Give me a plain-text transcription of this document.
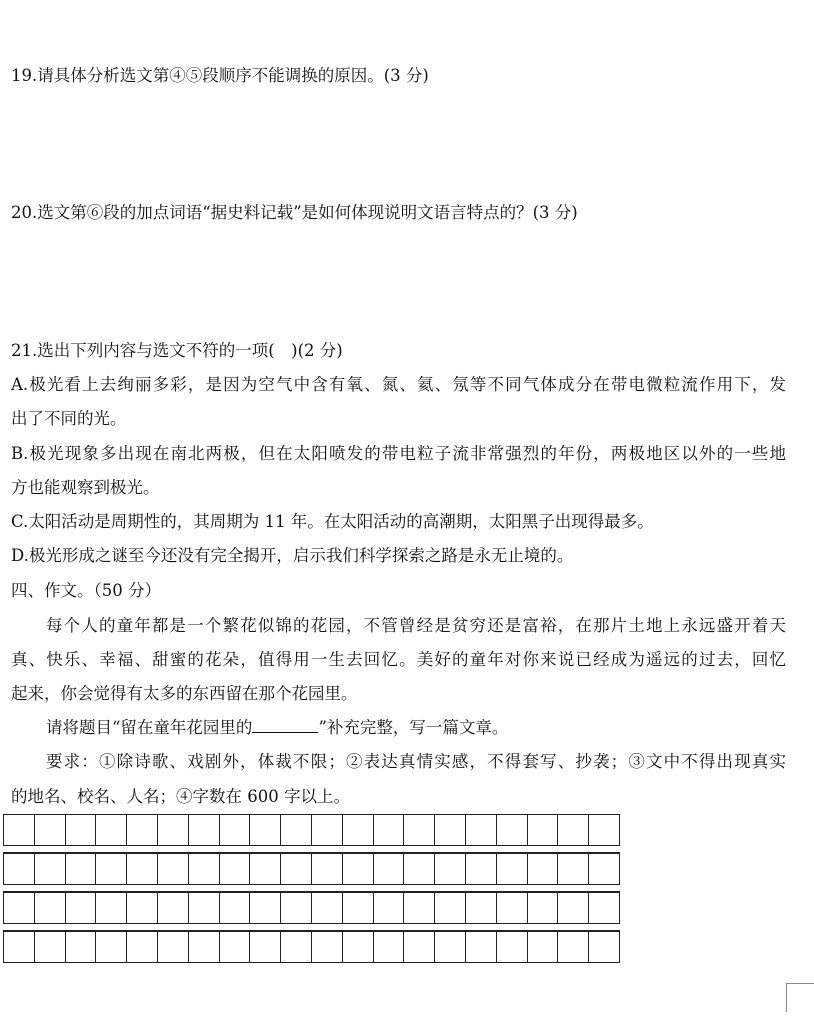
19.请具体分析选文第④⑤段顺序不能调换的原因。(3 分)
20.选文第⑥段的加点词语“据史料记载”是如何体现说明文语言特点的？(3 分)
21.选出下列内容与选文不符的一项(　)(2 分)
A.极光看上去绚丽多彩，是因为空气中含有氧、氮、氦、氖等不同气体成分在带电微粒流作用下，发
出了不同的光。
B.极光现象多出现在南北两极，但在太阳喷发的带电粒子流非常强烈的年份，两极地区以外的一些地
方也能观察到极光。
C.太阳活动是周期性的，其周期为 11 年。在太阳活动的高潮期，太阳黑子出现得最多。
D.极光形成之谜至今还没有完全揭开，启示我们科学探索之路是永无止境的。
四、作文。（50 分）
每个人的童年都是一个繁花似锦的花园，不管曾经是贫穷还是富裕，在那片土地上永远盛开着天
真、快乐、幸福、甜蜜的花朵，值得用一生去回忆。美好的童年对你来说已经成为遥远的过去，回忆
起来，你会觉得有太多的东西留在那个花园里。
请将题目“留在童年花园里的	”补充完整，写一篇文章。
要求：①除诗歌、戏剧外，体裁不限；②表达真情实感，不得套写、抄袭；③文中不得出现真实
的地名、校名、人名；④字数在 600 字以上。
